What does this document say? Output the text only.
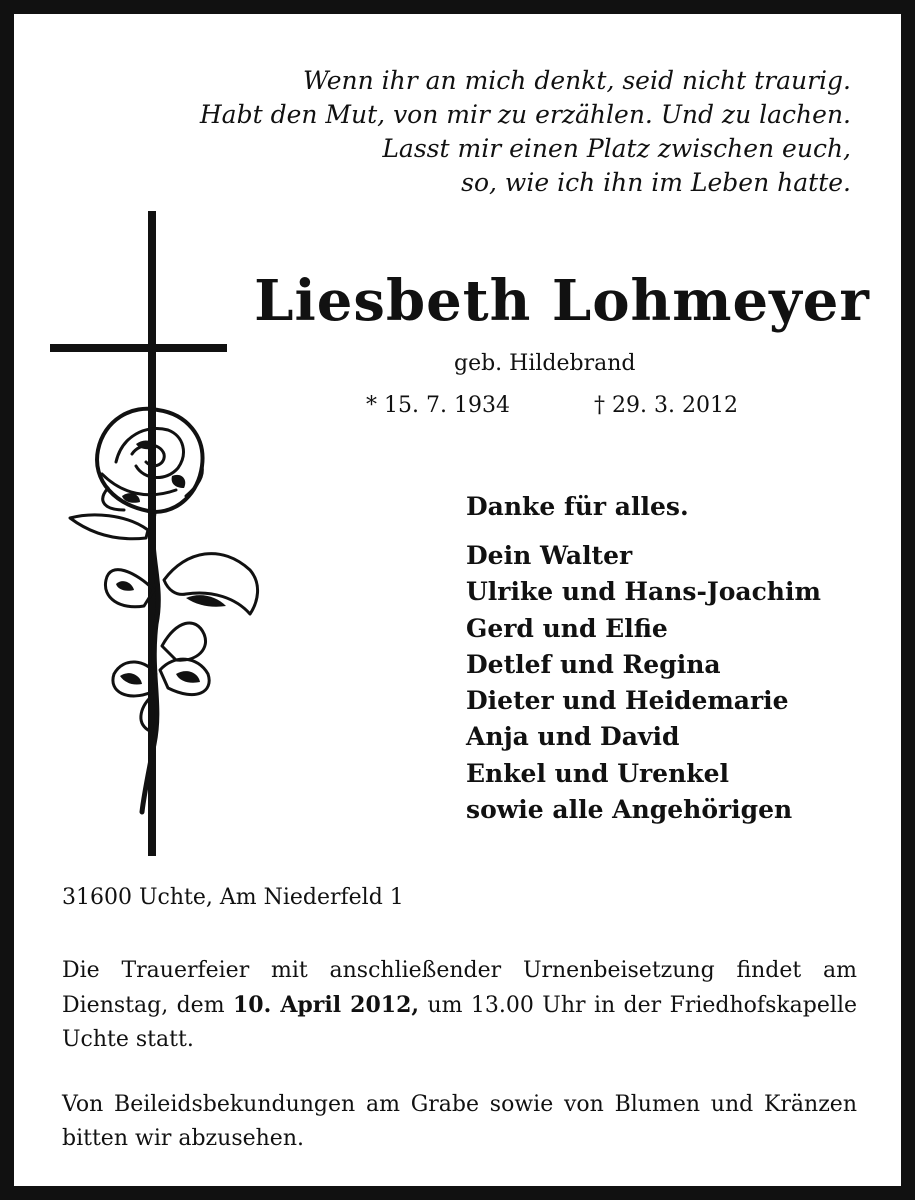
Wenn ihr an mich denkt, seid nicht traurig.
Habt den Mut, von mir zu erzählen. Und zu lachen.
Lasst mir einen Platz zwischen euch,
so, wie ich ihn im Leben hatte.
Liesbeth Lohmeyer
geb. Hildebrand
* 15. 7. 1934	† 29. 3. 2012
Danke für alles.
Dein Walter
Ulrike und Hans-Joachim
Gerd und Elfie
Detlef und Regina
Dieter und Heidemarie
Anja und David
Enkel und Urenkel
sowie alle Angehörigen
31600 Uchte, Am Niederfeld 1
Die Trauerfeier mit anschließender Urnenbeisetzung findet am Dienstag, dem 10. April 2012, um 13.00 Uhr in der Friedhofskapelle Uchte statt.
Von Beileidsbekundungen am Grabe sowie von Blumen und Kränzen bitten wir abzusehen.
